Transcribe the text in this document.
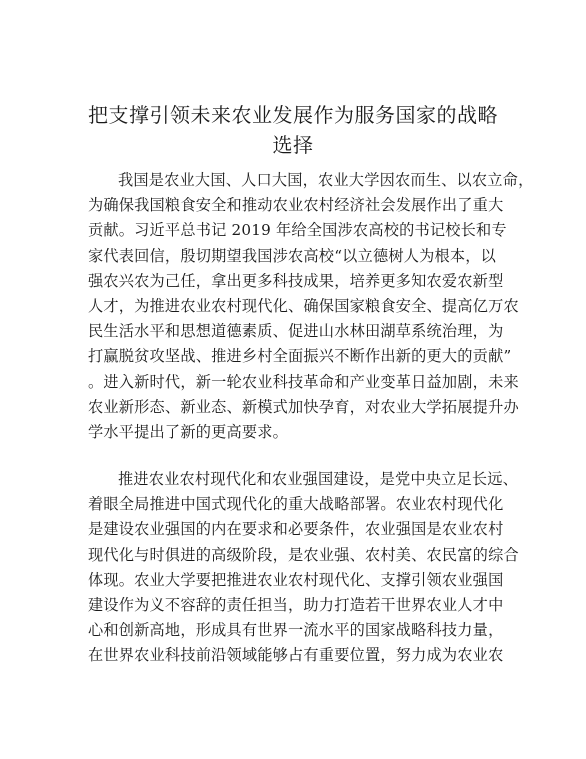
把支撑引领未来农业发展作为服务国家的战略
选择
我国是农业大国、人口大国，农业大学因农而生、以农立命，
为确保我国粮食安全和推动农业农村经济社会发展作出了重大
贡献。习近平总书记 2019 年给全国涉农高校的书记校长和专
家代表回信，殷切期望我国涉农高校“以立德树人为根本，以
强农兴农为己任，拿出更多科技成果，培养更多知农爱农新型
人才，为推进农业农村现代化、确保国家粮食安全、提高亿万农
民生活水平和思想道德素质、促进山水林田湖草系统治理，为
打赢脱贫攻坚战、推进乡村全面振兴不断作出新的更大的贡献”
。进入新时代，新一轮农业科技革命和产业变革日益加剧，未来
农业新形态、新业态、新模式加快孕育，对农业大学拓展提升办
学水平提出了新的更高要求。
推进农业农村现代化和农业强国建设，是党中央立足长远、
着眼全局推进中国式现代化的重大战略部署。农业农村现代化
是建设农业强国的内在要求和必要条件，农业强国是农业农村
现代化与时俱进的高级阶段，是农业强、农村美、农民富的综合
体现。农业大学要把推进农业农村现代化、支撑引领农业强国
建设作为义不容辞的责任担当，助力打造若干世界农业人才中
心和创新高地，形成具有世界一流水平的国家战略科技力量，
在世界农业科技前沿领域能够占有重要位置，努力成为农业农
